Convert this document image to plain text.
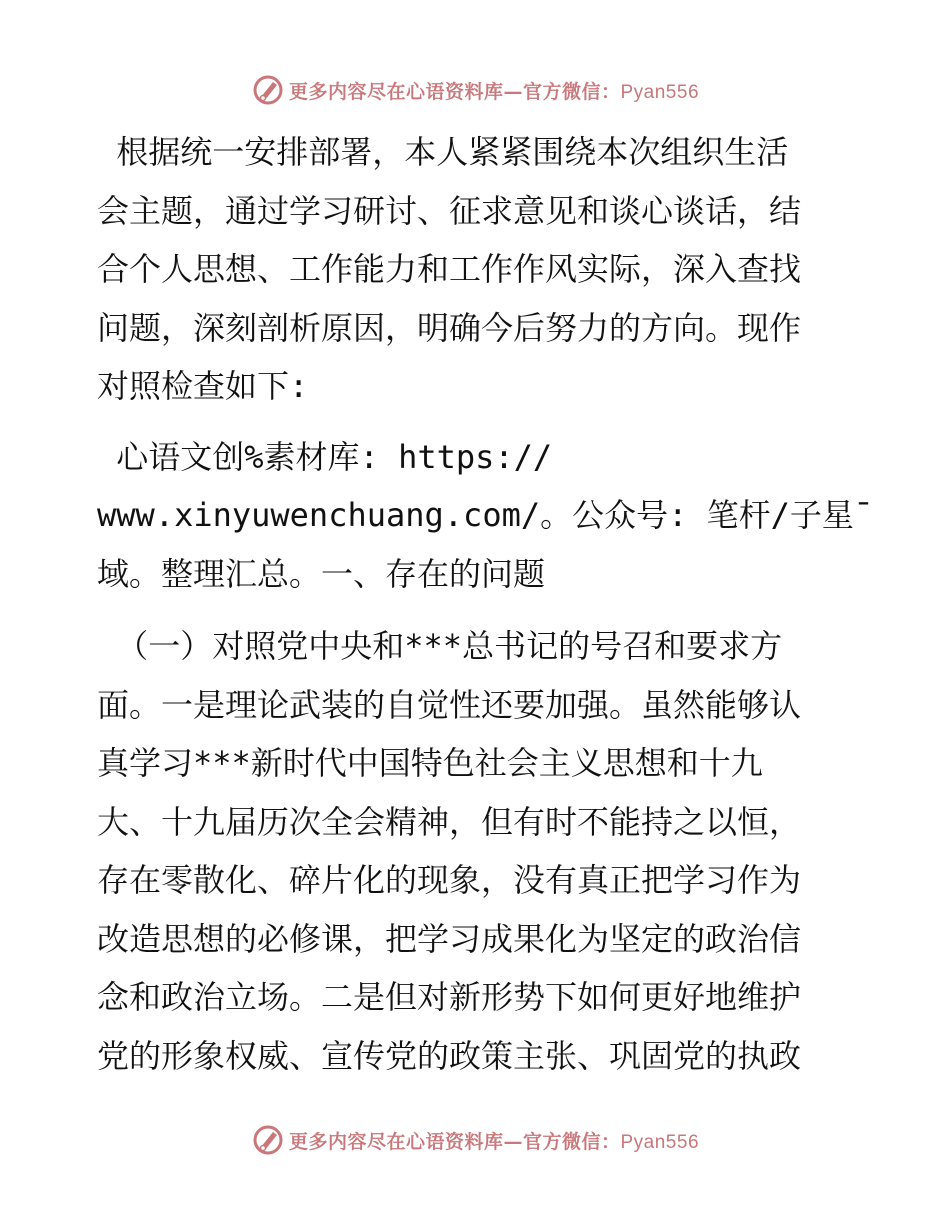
更多内容尽在心语资料库—官方微信：Pyan556

根据统一安排部署，本人紧紧围绕本次组织生活

会主题，通过学习研讨、征求意见和谈心谈话，结

合个人思想、工作能力和工作作风实际，深入查找

问题，深刻剖析原因，明确今后努力的方向。现作

对照检查如下:

心语文创%素材库: https://

www.xinyuwenchuang.com/。公众号: 笔杆/子星¯

域。整理汇总。一、存在的问题

（一）对照党中央和***总书记的号召和要求方

面。一是理论武装的自觉性还要加强。虽然能够认

真学习***新时代中国特色社会主义思想和十九

大、十九届历次全会精神，但有时不能持之以恒，

存在零散化、碎片化的现象，没有真正把学习作为

改造思想的必修课，把学习成果化为坚定的政治信

念和政治立场。二是但对新形势下如何更好地维护

党的形象权威、宣传党的政策主张、巩固党的执政

更多内容尽在心语资料库—官方微信：Pyan556
